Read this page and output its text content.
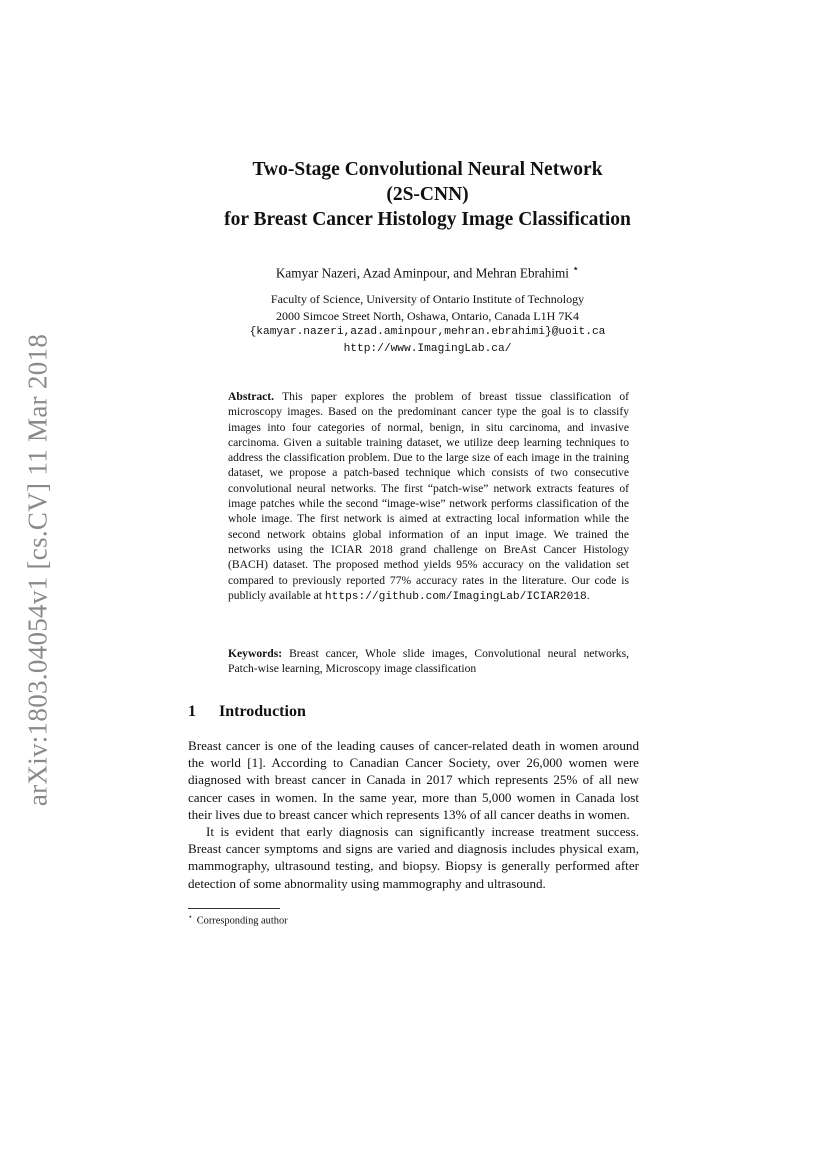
arXiv:1803.04054v1 [cs.CV] 11 Mar 2018
Two-Stage Convolutional Neural Network
(2S-CNN)
for Breast Cancer Histology Image Classification
Kamyar Nazeri, Azad Aminpour, and Mehran Ebrahimi ⋆
Faculty of Science, University of Ontario Institute of Technology
2000 Simcoe Street North, Oshawa, Ontario, Canada L1H 7K4
{kamyar.nazeri,azad.aminpour,mehran.ebrahimi}@uoit.ca
http://www.ImagingLab.ca/
Abstract. This paper explores the problem of breast tissue classification of microscopy images. Based on the predominant cancer type the goal is to classify images into four categories of normal, benign, in situ carcinoma, and invasive carcinoma. Given a suitable training dataset, we utilize deep learning techniques to address the classification problem. Due to the large size of each image in the training dataset, we propose a patch-based technique which consists of two consecutive convolutional neural networks. The first “patch-wise” network extracts features of image patches while the second “image-wise” network performs classification of the whole image. The first network is aimed at extracting local information while the second network obtains global information of an input image. We trained the networks using the ICIAR 2018 grand challenge on BreAst Cancer Histology (BACH) dataset. The proposed method yields 95% accuracy on the validation set compared to previously reported 77% accuracy rates in the literature. Our code is publicly available at https://github.com/ImagingLab/ICIAR2018.
Keywords: Breast cancer, Whole slide images, Convolutional neural networks, Patch-wise learning, Microscopy image classification
1 Introduction

Breast cancer is one of the leading causes of cancer-related death in women around the world [1]. According to Canadian Cancer Society, over 26,000 women were diagnosed with breast cancer in Canada in 2017 which represents 25% of all new cancer cases in women. In the same year, more than 5,000 women in Canada lost their lives due to breast cancer which represents 13% of all cancer deaths in women.

It is evident that early diagnosis can significantly increase treatment success. Breast cancer symptoms and signs are varied and diagnosis includes physical exam, mammography, ultrasound testing, and biopsy. Biopsy is generally performed after detection of some abnormality using mammography and ultrasound.

⋆ Corresponding author
